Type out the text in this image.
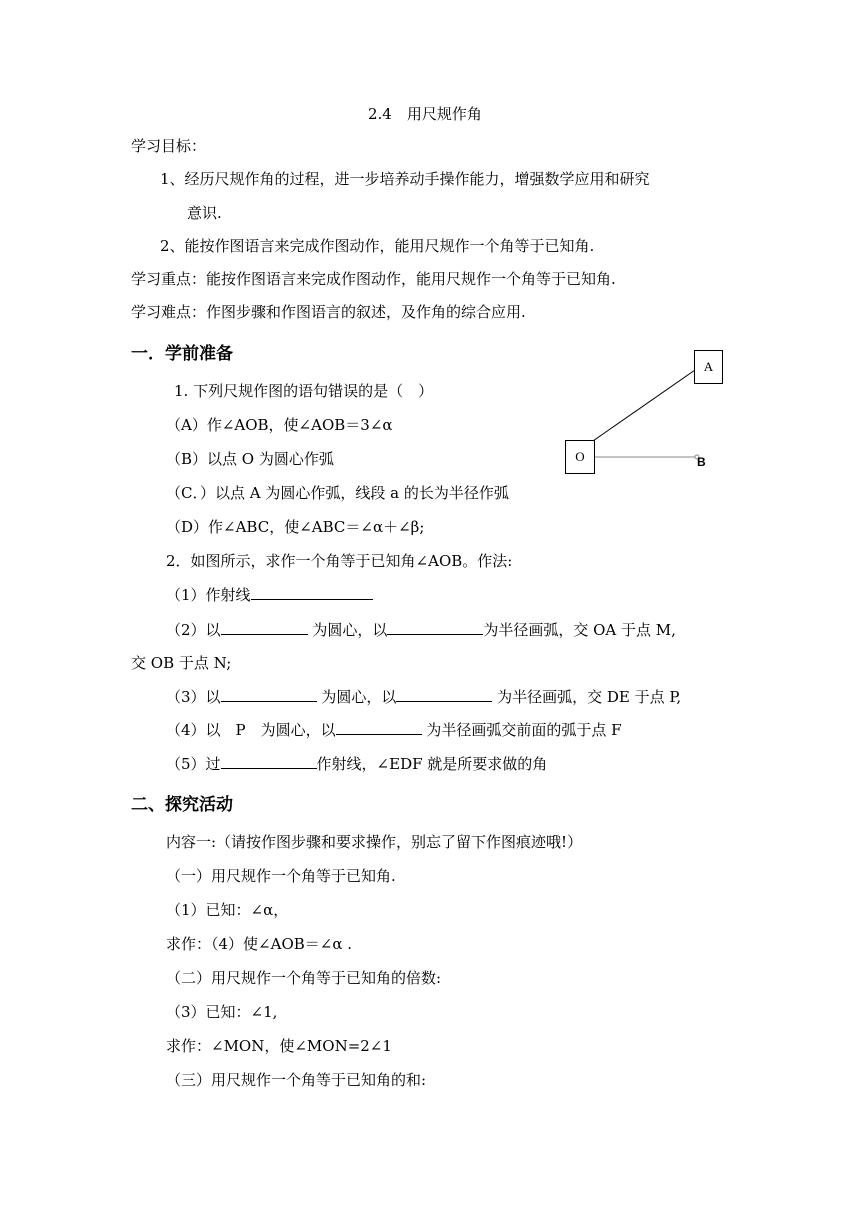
2.4　用尺规作角
学习目标：
1、经历尺规作角的过程，进一步培养动手操作能力，增强数学应用和研究
意识.
2、能按作图语言来完成作图动作，能用尺规作一个角等于已知角.
学习重点：能按作图语言来完成作图动作，能用尺规作一个角等于已知角.
学习难点：作图步骤和作图语言的叙述，及作角的综合应用.
一．学前准备
1. 下列尺规作图的语句错误的是（　）
（A）作∠AOB，使∠AOB＝3∠α
（B）以点 O 为圆心作弧
（C．）以点 A 为圆心作弧，线段 a 的长为半径作弧
（D）作∠ABC，使∠ABC＝∠α＋∠β;
A
O	B
2．如图所示，求作一个角等于已知角∠AOB。作法:
（1）作射线
（2）以	为圆心，以	为半径画弧，交 OA 于点 M,
交 OB 于点 N;
（3）以	为圆心，以	为半径画弧，交 DE 于点 P,
（4）以　P　为圆心，以	为半径画弧交前面的弧于点 F
（5）过	作射线，∠EDF 就是所要求做的角
二、探究活动
内容一:（请按作图步骤和要求操作，别忘了留下作图痕迹哦!）
（一）用尺规作一个角等于已知角.
（1）已知：∠α，
求作：（4）使∠AOB＝∠α .
（二）用尺规作一个角等于已知角的倍数:
（3）已知：∠1,
求作：∠MON，使∠MON=2∠1
（三）用尺规作一个角等于已知角的和:
